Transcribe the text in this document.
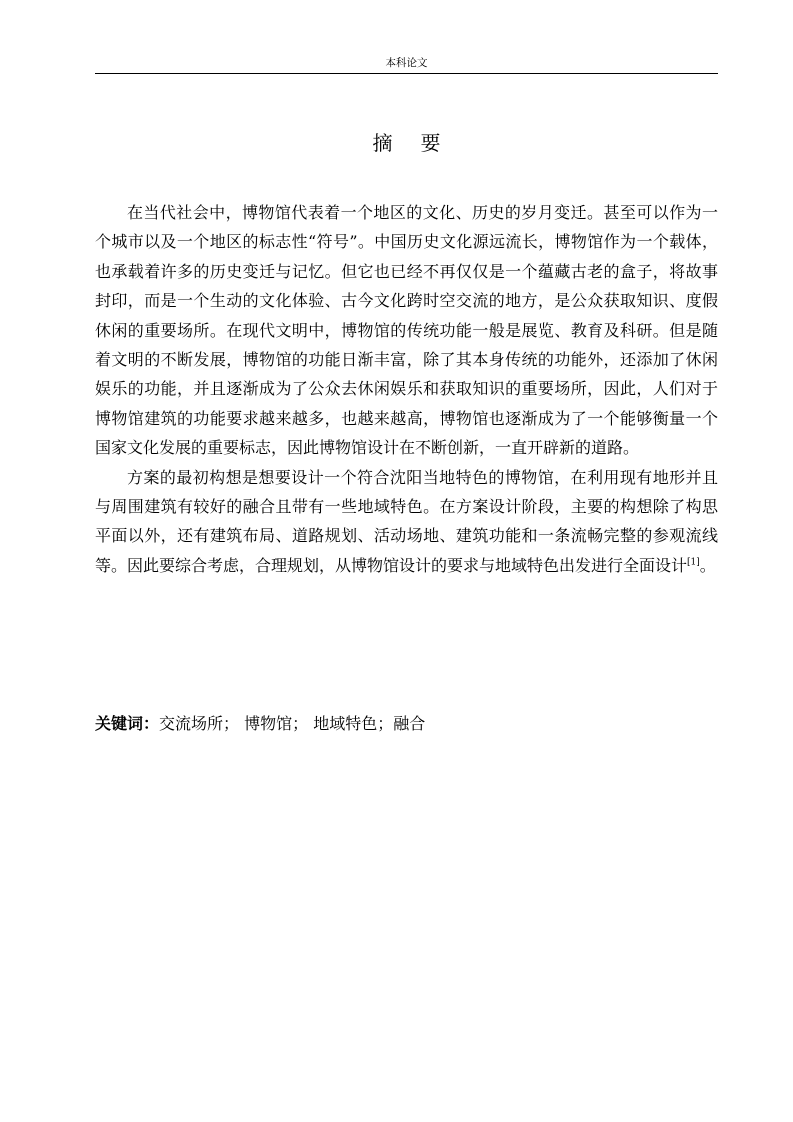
本科论文
摘要

在当代社会中，博物馆代表着一个地区的文化、历史的岁月变迁。甚至可以作为一个城市以及一个地区的标志性“符号”。中国历史文化源远流长，博物馆作为一个载体，也承载着许多的历史变迁与记忆。但它也已经不再仅仅是一个蕴藏古老的盒子，将故事封印，而是一个生动的文化体验、古今文化跨时空交流的地方，是公众获取知识、度假休闲的重要场所。在现代文明中，博物馆的传统功能一般是展览、教育及科研。但是随着文明的不断发展，博物馆的功能日渐丰富，除了其本身传统的功能外，还添加了休闲娱乐的功能，并且逐渐成为了公众去休闲娱乐和获取知识的重要场所，因此，人们对于博物馆建筑的功能要求越来越多，也越来越高，博物馆也逐渐成为了一个能够衡量一个国家文化发展的重要标志，因此博物馆设计在不断创新，一直开辟新的道路。

方案的最初构想是想要设计一个符合沈阳当地特色的博物馆，在利用现有地形并且与周围建筑有较好的融合且带有一些地域特色。在方案设计阶段，主要的构想除了构思平面以外，还有建筑布局、道路规划、活动场地、建筑功能和一条流畅完整的参观流线等。因此要综合考虑，合理规划，从博物馆设计的要求与地域特色出发进行全面设计[1]。

关键词：交流场所； 博物馆； 地域特色；融合
